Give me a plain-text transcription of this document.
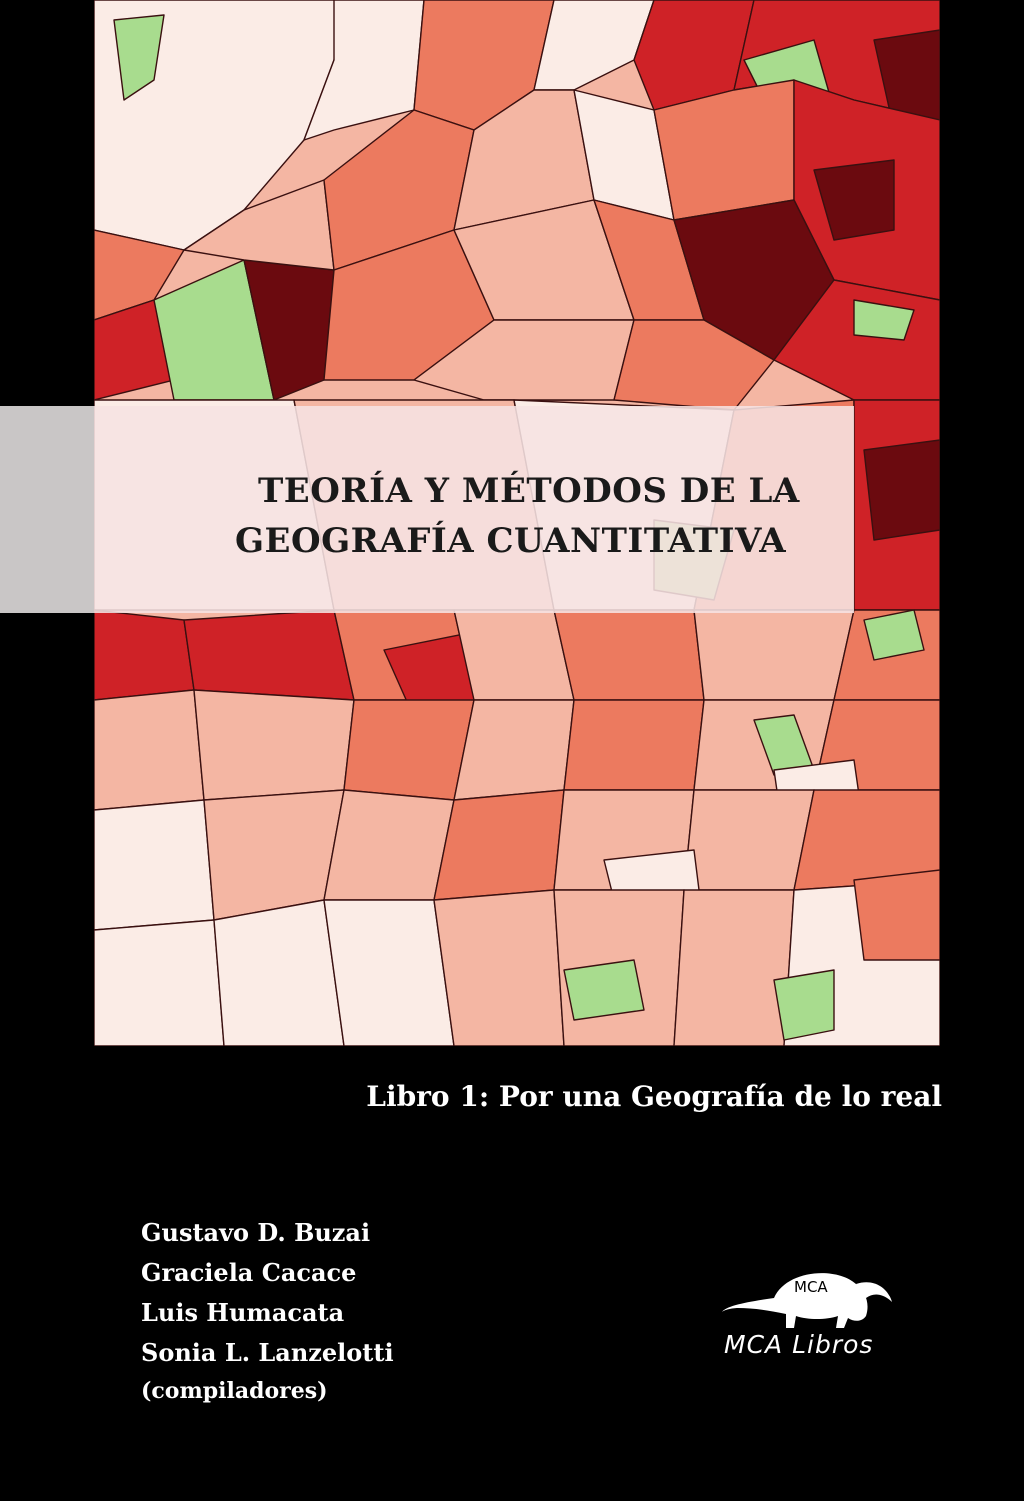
TEORÍA Y MÉTODOS DE LA
GEOGRAFÍA CUANTITATIVA
Libro 1: Por una Geografía de lo real
Gustavo D. Buzai
Graciela Cacace
Luis Humacata
Sonia L. Lanzelotti
(compiladores)
MCA
MCA Libros
